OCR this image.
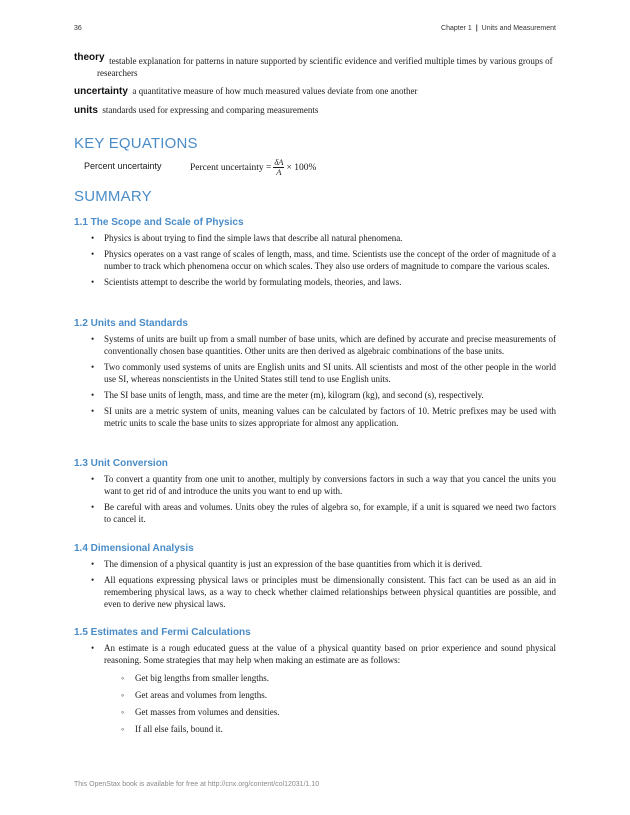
36	Chapter 1 | Units and Measurement
theory testable explanation for patterns in nature supported by scientific evidence and verified multiple times by various groups of researchers
uncertainty a quantitative measure of how much measured values deviate from one another
units standards used for expressing and comparing measurements
KEY EQUATIONS
Percent uncertainty	Percent uncertainty = $\frac{\delta A}{A} \times 100\%$
SUMMARY
1.1 The Scope and Scale of Physics
• Physics is about trying to find the simple laws that describe all natural phenomena.
• Physics operates on a vast range of scales of length, mass, and time. Scientists use the concept of the order of magnitude of a number to track which phenomena occur on which scales. They also use orders of magnitude to compare the various scales.
• Scientists attempt to describe the world by formulating models, theories, and laws.
1.2 Units and Standards
• Systems of units are built up from a small number of base units, which are defined by accurate and precise measurements of conventionally chosen base quantities. Other units are then derived as algebraic combinations of the base units.
• Two commonly used systems of units are English units and SI units. All scientists and most of the other people in the world use SI, whereas nonscientists in the United States still tend to use English units.
• The SI base units of length, mass, and time are the meter (m), kilogram (kg), and second (s), respectively.
• SI units are a metric system of units, meaning values can be calculated by factors of 10. Metric prefixes may be used with metric units to scale the base units to sizes appropriate for almost any application.
1.3 Unit Conversion
• To convert a quantity from one unit to another, multiply by conversions factors in such a way that you cancel the units you want to get rid of and introduce the units you want to end up with.
• Be careful with areas and volumes. Units obey the rules of algebra so, for example, if a unit is squared we need two factors to cancel it.
1.4 Dimensional Analysis
• The dimension of a physical quantity is just an expression of the base quantities from which it is derived.
• All equations expressing physical laws or principles must be dimensionally consistent. This fact can be used as an aid in remembering physical laws, as a way to check whether claimed relationships between physical quantities are possible, and even to derive new physical laws.
1.5 Estimates and Fermi Calculations
• An estimate is a rough educated guess at the value of a physical quantity based on prior experience and sound physical reasoning. Some strategies that may help when making an estimate are as follows:
◦ Get big lengths from smaller lengths.
◦ Get areas and volumes from lengths.
◦ Get masses from volumes and densities.
◦ If all else fails, bound it.
This OpenStax book is available for free at http://cnx.org/content/col12031/1.10
